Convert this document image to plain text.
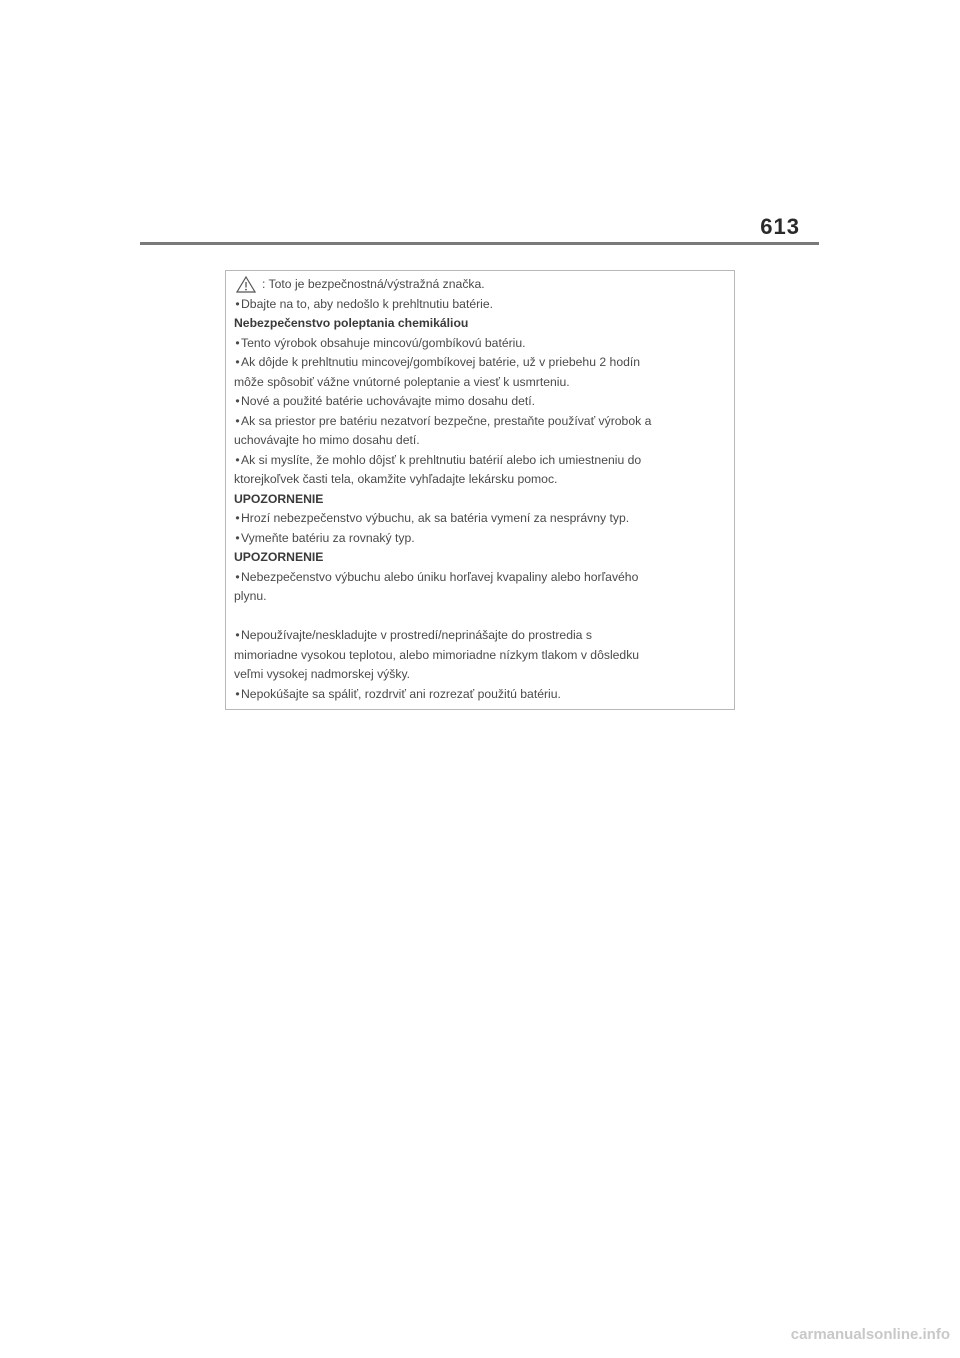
613
: Toto je bezpečnostná/výstražná značka.
•Dbajte na to, aby nedošlo k prehltnutiu batérie.
Nebezpečenstvo poleptania chemikáliou
•Tento výrobok obsahuje mincovú/gombíkovú batériu.
•Ak dôjde k prehltnutiu mincovej/gombíkovej batérie, už v priebehu 2 hodín
môže spôsobiť vážne vnútorné poleptanie a viesť k usmrteniu.
•Nové a použité batérie uchovávajte mimo dosahu detí.
•Ak sa priestor pre batériu nezatvorí bezpečne, prestaňte používať výrobok a
uchovávajte ho mimo dosahu detí.
•Ak si myslíte, že mohlo dôjsť k prehltnutiu batérií alebo ich umiestneniu do
ktorejkoľvek časti tela, okamžite vyhľadajte lekársku pomoc.
UPOZORNENIE
•Hrozí nebezpečenstvo výbuchu, ak sa batéria vymení za nesprávny typ.
•Vymeňte batériu za rovnaký typ.
UPOZORNENIE
•Nebezpečenstvo výbuchu alebo úniku horľavej kvapaliny alebo horľavého
plynu.
•Nepoužívajte/neskladujte v prostredí/neprinášajte do prostredia s
mimoriadne vysokou teplotou, alebo mimoriadne nízkym tlakom v dôsledku
veľmi vysokej nadmorskej výšky.
•Nepokúšajte sa spáliť, rozdrviť ani rozrezať použitú batériu.
carmanualsonline.info
